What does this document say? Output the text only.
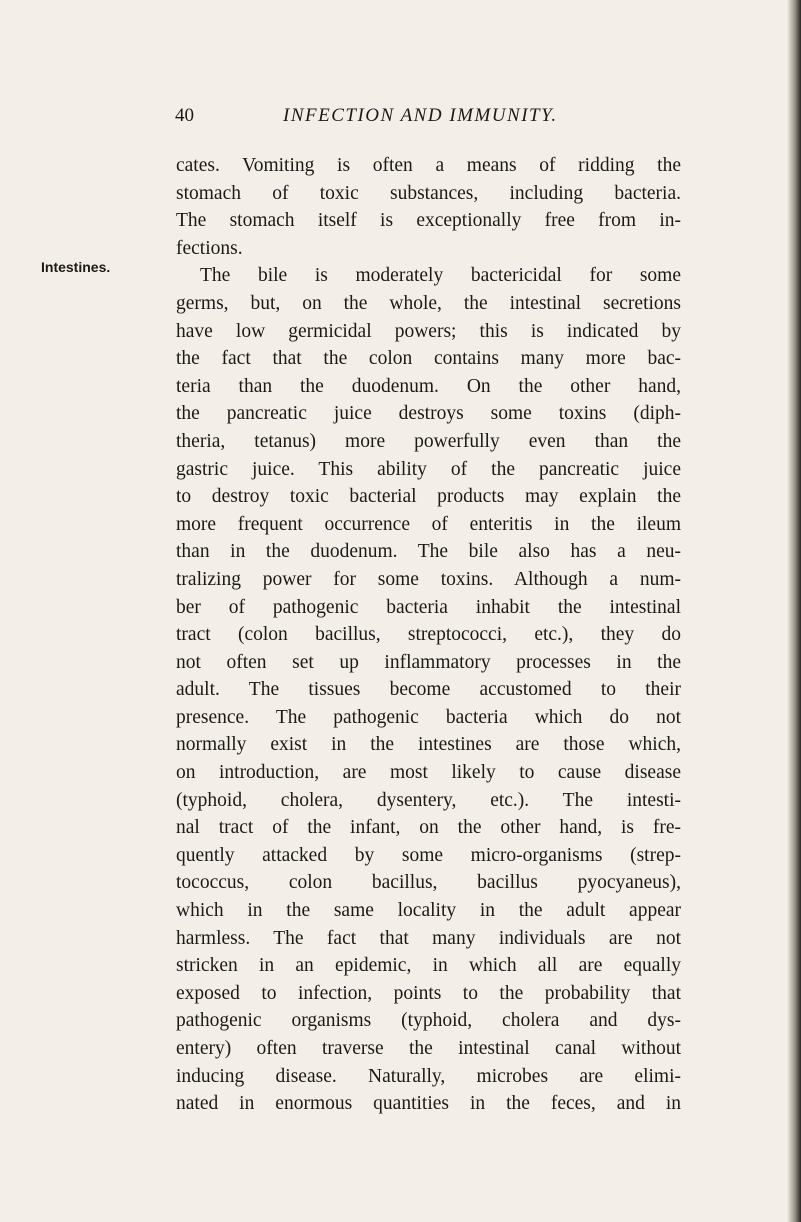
40	INFECTION AND IMMUNITY.
Intestines.
cates. Vomiting is often a means of ridding the
stomach of toxic substances, including bacteria.
The stomach itself is exceptionally free from in-
fections.
The bile is moderately bactericidal for some
germs, but, on the whole, the intestinal secretions
have low germicidal powers; this is indicated by
the fact that the colon contains many more bac-
teria than the duodenum. On the other hand,
the pancreatic juice destroys some toxins (diph-
theria, tetanus) more powerfully even than the
gastric juice. This ability of the pancreatic juice
to destroy toxic bacterial products may explain the
more frequent occurrence of enteritis in the ileum
than in the duodenum. The bile also has a neu-
tralizing power for some toxins. Although a num-
ber of pathogenic bacteria inhabit the intestinal
tract (colon bacillus, streptococci, etc.), they do
not often set up inflammatory processes in the
adult. The tissues become accustomed to their
presence. The pathogenic bacteria which do not
normally exist in the intestines are those which,
on introduction, are most likely to cause disease
(typhoid, cholera, dysentery, etc.). The intesti-
nal tract of the infant, on the other hand, is fre-
quently attacked by some micro-organisms (strep-
tococcus, colon bacillus, bacillus pyocyaneus),
which in the same locality in the adult appear
harmless. The fact that many individuals are not
stricken in an epidemic, in which all are equally
exposed to infection, points to the probability that
pathogenic organisms (typhoid, cholera and dys-
entery) often traverse the intestinal canal without
inducing disease. Naturally, microbes are elimi-
nated in enormous quantities in the feces, and in
